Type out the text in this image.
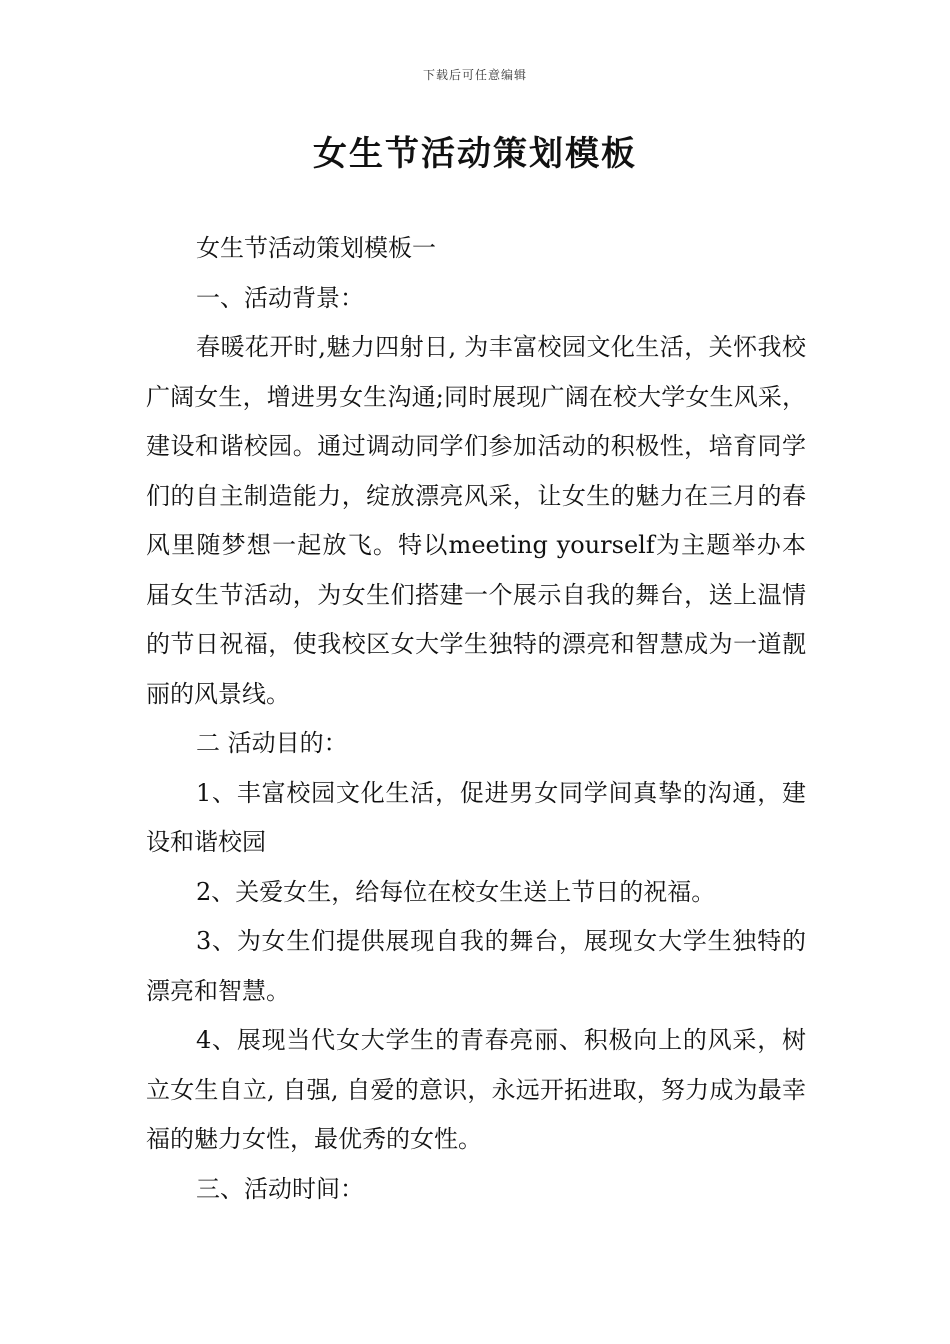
下载后可任意编辑
女生节活动策划模板

女生节活动策划模板一

一、活动背景：

春暖花开时,魅力四射日, 为丰富校园文化生活，关怀我校广阔女生，增进男女生沟通;同时展现广阔在校大学女生风采，建设和谐校园。通过调动同学们参加活动的积极性，培育同学们的自主制造能力，绽放漂亮风采，让女生的魅力在三月的春风里随梦想一起放飞。特以meeting yourself为主题举办本届女生节活动，为女生们搭建一个展示自我的舞台，送上温情的节日祝福，使我校区女大学生独特的漂亮和智慧成为一道靓丽的风景线。

二 活动目的：

1、丰富校园文化生活，促进男女同学间真挚的沟通，建设和谐校园

2、关爱女生，给每位在校女生送上节日的祝福。

3、为女生们提供展现自我的舞台，展现女大学生独特的漂亮和智慧。

4、展现当代女大学生的青春亮丽、积极向上的风采，树立女生自立, 自强, 自爱的意识，永远开拓进取，努力成为最幸福的魅力女性，最优秀的女性。

三、活动时间：
